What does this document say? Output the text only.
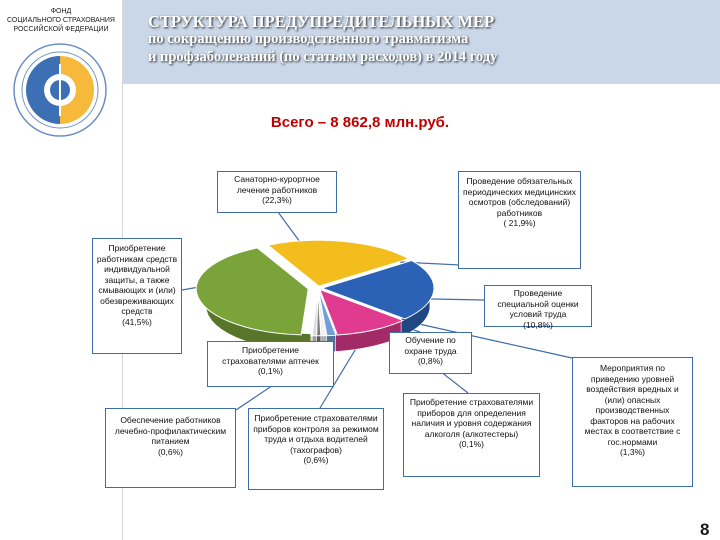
ФОНД
СОЦИАЛЬНОГО СТРАХОВАНИЯ
РОССИЙСКОЙ ФЕДЕРАЦИИ	СТРУКТУРА ПРЕДУПРЕДИТЕЛЬНЫХ МЕР
по сокращению производственного травматизма
и профзаболеваний (по статьям расходов) в 2014 году
Всего – 8 862,8 млн.руб.
Санаторно-курортное лечение работников
(22,3%)
Проведение обязательных периодических медицинских осмотров (обследований) работников
( 21,9%)
Приобретение работникам средств индивидуальной защиты, а также смывающих и (или) обезвреживающих средств
(41,5%)
Проведение специальной оценки условий труда
(10,8%)
Обучение по охране труда
(0,8%)
Приобретение страхователями аптечек
(0,1%)	Мероприятия по приведению уровней воздействия вредных и (или) опасных производственных факторов на рабочих местах в соответствие с гос.нормами
(1,3%)
Приобретение страхователями приборов для определения наличия и уровня содержания алкоголя (алкотестеры)
(0,1%)
Обеспечение работников лечебно-профилактическим питанием
(0,6%)
Приобретение страхователями приборов контроля за режимом труда и отдыха водителей (тахографов)
(0,6%)
8
